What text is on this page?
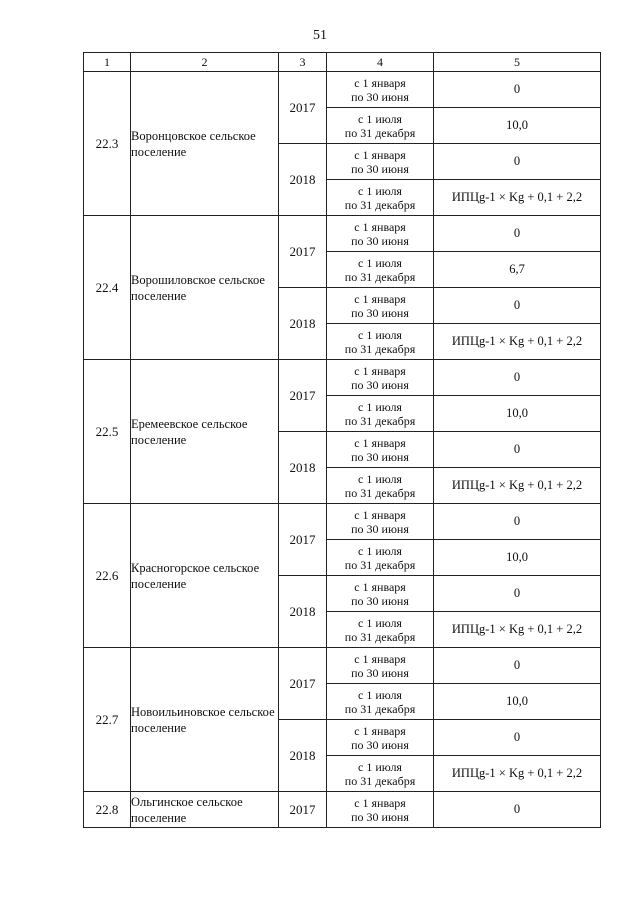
51
1	2	3	4	5
22.3	Воронцовское сельское поселение	2017	с 1 января
по 30 июня	0

			с 1 июля
по 31 декабря	10,0
		2018	с 1 января
по 30 июня	0

			с 1 июля
по 31 декабря	ИПЦg-1 × Kg + 0,1 + 2,2
22.4	Ворошиловское сельское поселение	2017	с 1 января
по 30 июня	0

			с 1 июля
по 31 декабря	6,7
		2018	с 1 января
по 30 июня	0

			с 1 июля
по 31 декабря	ИПЦg-1 × Kg + 0,1 + 2,2
22.5	Еремеевское сельское поселение	2017	с 1 января
по 30 июня	0

			с 1 июля
по 31 декабря	10,0
		2018	с 1 января
по 30 июня	0

			с 1 июля
по 31 декабря	ИПЦg-1 × Kg + 0,1 + 2,2
22.6	Красногорское сельское поселение	2017	с 1 января
по 30 июня	0

			с 1 июля
по 31 декабря	10,0
		2018	с 1 января
по 30 июня	0

			с 1 июля
по 31 декабря	ИПЦg-1 × Kg + 0,1 + 2,2
22.7	Новоильиновское сельское поселение	2017	с 1 января
по 30 июня	0

			с 1 июля
по 31 декабря	10,0
		2018	с 1 января
по 30 июня	0

			с 1 июля
по 31 декабря	ИПЦg-1 × Kg + 0,1 + 2,2
22.8	Ольгинское сельское поселение	2017	с 1 января
по 30 июня	0
